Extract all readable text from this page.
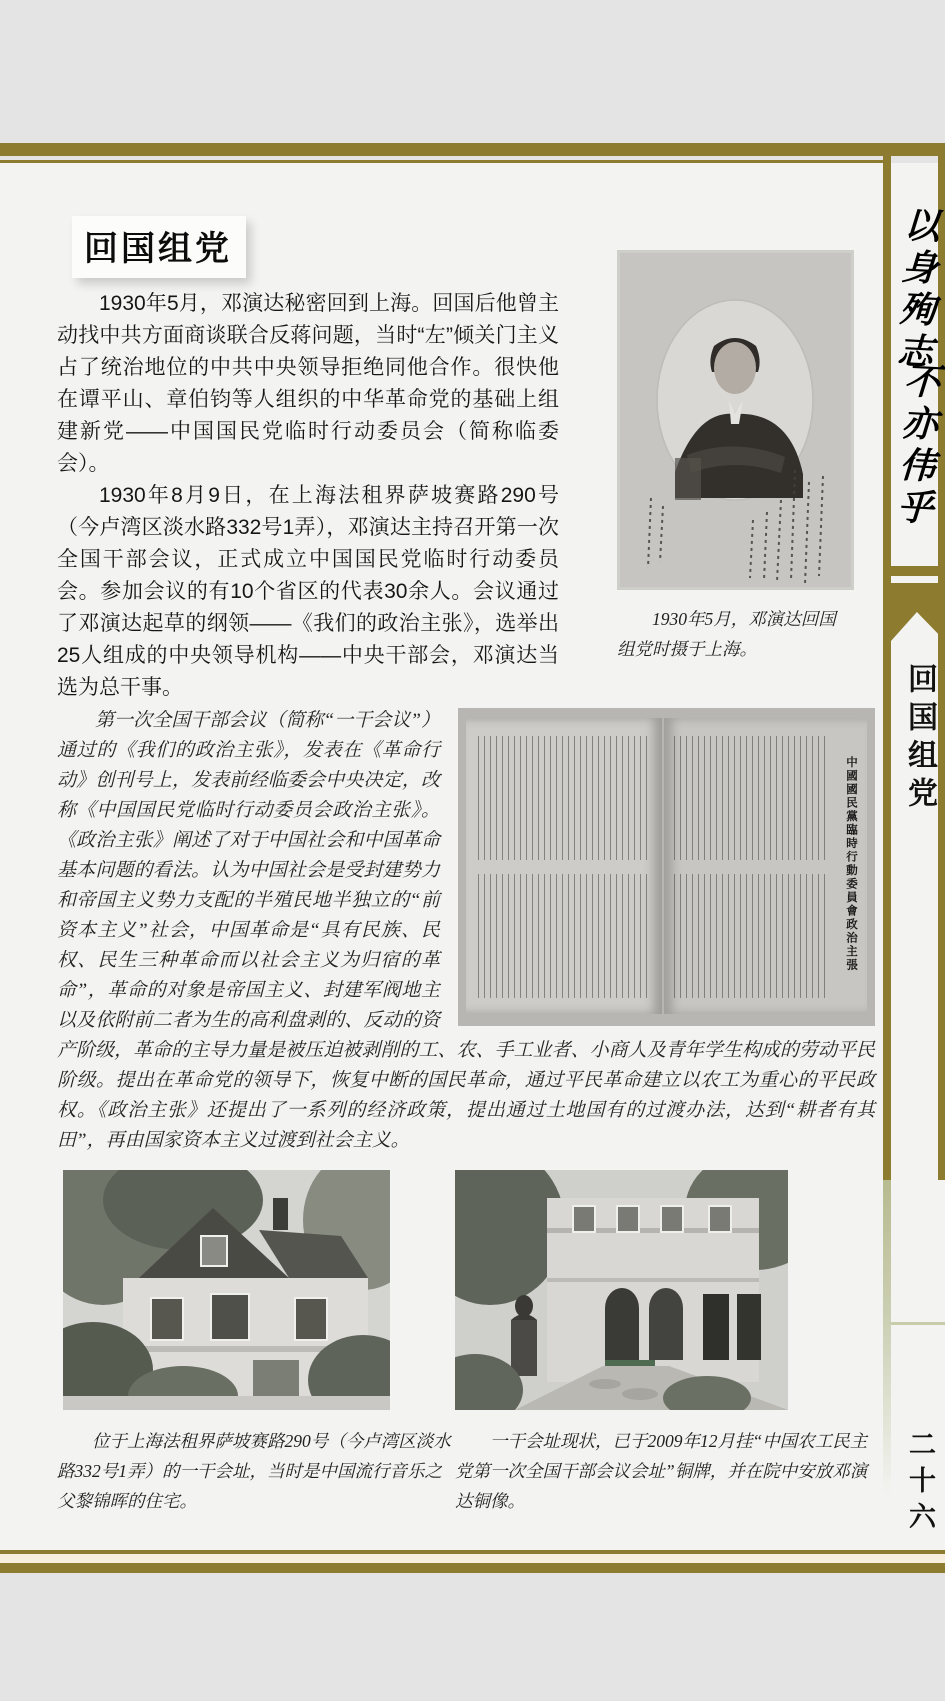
以身殉志
不亦伟乎
回国组党
二十六
回国组党
1930年5月，邓演达回国组党时摄于上海。

1930年5月，邓演达秘密回到上海。回国后他曾主动找中共方面商谈联合反蒋问题，当时“左”倾关门主义占了统治地位的中共中央领导拒绝同他合作。很快他在谭平山、章伯钧等人组织的中华革命党的基础上组建新党——中国国民党临时行动委员会（简称临委会）。

1930年8月9日，在上海法租界萨坡赛路290号（今卢湾区淡水路332号1弄），邓演达主持召开第一次全国干部会议，正式成立中国国民党临时行动委员会。参加会议的有10个省区的代表30余人。会议通过了邓演达起草的纲领——《我们的政治主张》，选举出25人组成的中央领导机构——中央干部会，邓演达当选为总干事。

中國國民黨臨時行動委員會政治主張

第一次全国干部会议（简称“一干会议”）通过的《我们的政治主张》，发表在《革命行动》创刊号上，发表前经临委会中央决定，改称《中国国民党临时行动委员会政治主张》。《政治主张》阐述了对于中国社会和中国革命基本问题的看法。认为中国社会是受封建势力和帝国主义势力支配的半殖民地半独立的“前资本主义”社会，中国革命是“具有民族、民权、民生三种革命而以社会主义为归宿的革命”，革命的对象是帝国主义、封建军阀地主以及依附前二者为生的高利盘剥的、反动的资产阶级，革命的主导力量是被压迫被剥削的工、农、手工业者、小商人及青年学生构成的劳动平民阶级。提出在革命党的领导下，恢复中断的国民革命，通过平民革命建立以农工为重心的平民政权。《政治主张》还提出了一系列的经济政策，提出通过土地国有的过渡办法，达到“耕者有其田”，再由国家资本主义过渡到社会主义。

位于上海法租界萨坡赛路290号（今卢湾区淡水路332号1弄）的一干会址，当时是中国流行音乐之父黎锦晖的住宅。
一干会址现状，已于2009年12月挂“中国农工民主党第一次全国干部会议会址”铜牌，并在院中安放邓演达铜像。
